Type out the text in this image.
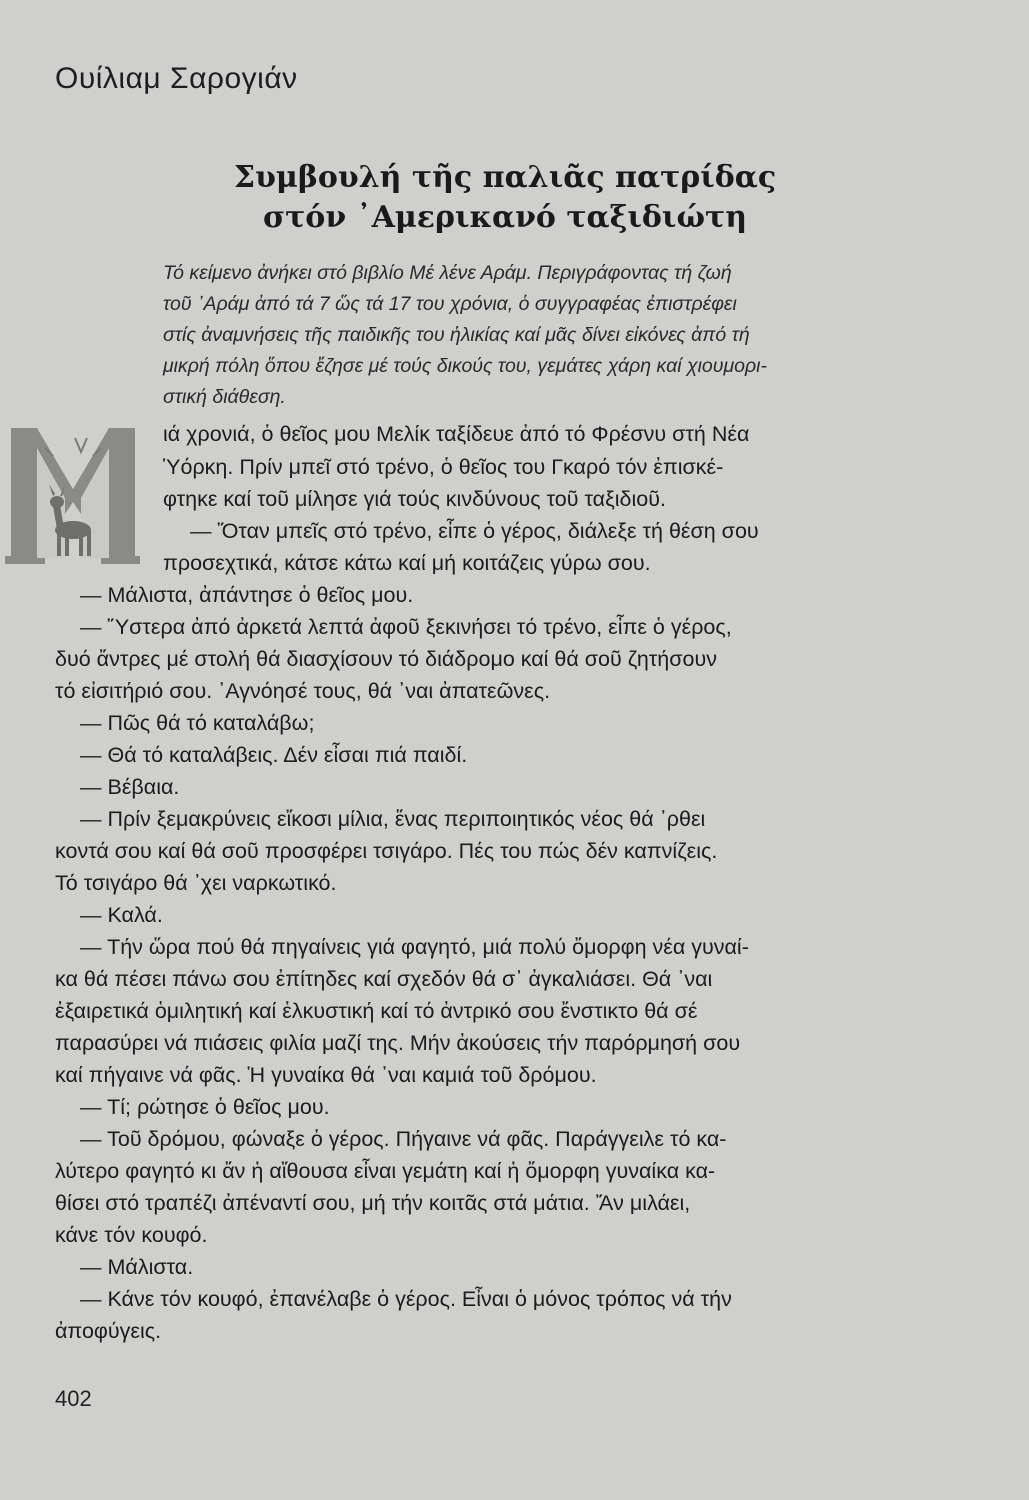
Ουίλιαμ Σαρογιάν
Συμβουλή τῆς παλιᾶς πατρίδας
στόν ᾿Αμερικανό ταξιδιώτη
Τό κείμενο ἀνήκει στό βιβλίο Μέ λένε Αράμ. Περιγράφοντας τή ζωή
τοῦ ᾿Αράμ ἀπό τά 7 ὥς τά 17 του χρόνια, ὁ συγγραφέας ἐπιστρέφει
στίς ἀναμνήσεις τῆς παιδικῆς του ἡλικίας καί μᾶς δίνει εἰκόνες ἀπό τή
μικρή πόλη ὅπου ἔζησε μέ τούς δικούς του, γεμάτες χάρη καί χιουμορι-
στική διάθεση.
ιά χρονιά, ὁ θεῖος μου Μελίκ ταξίδευε ἀπό τό Φρέσνυ στή Νέα
Ὑόρκη. Πρίν μπεῖ στό τρένο, ὁ θεῖος του Γκαρό τόν ἐπισκέ-
φτηκε καί τοῦ μίλησε γιά τούς κινδύνους τοῦ ταξιδιοῦ.
— Ὅταν μπεῖς στό τρένο, εἶπε ὁ γέρος, διάλεξε τή θέση σου
προσεχτικά, κάτσε κάτω καί μή κοιτάζεις γύρω σου.
— Μάλιστα, ἀπάντησε ὁ θεῖος μου.
— Ὕστερα ἀπό ἀρκετά λεπτά ἀφοῦ ξεκινήσει τό τρένο, εἶπε ὁ γέρος,
δυό ἄντρες μέ στολή θά διασχίσουν τό διάδρομο καί θά σοῦ ζητήσουν
τό εἰσιτήριό σου. ᾿Αγνόησέ τους, θά ᾿ναι ἀπατεῶνες.
— Πῶς θά τό καταλάβω;
— Θά τό καταλάβεις. Δέν εἶσαι πιά παιδί.
— Βέβαια.
— Πρίν ξεμακρύνεις εἴκοσι μίλια, ἕνας περιποιητικός νέος θά ᾿ρθει
κοντά σου καί θά σοῦ προσφέρει τσιγάρο. Πές του πώς δέν καπνίζεις.
Τό τσιγάρο θά ᾿χει ναρκωτικό.
— Καλά.
— Τήν ὥρα πού θά πηγαίνεις γιά φαγητό, μιά πολύ ὄμορφη νέα γυναί-
κα θά πέσει πάνω σου ἐπίτηδες καί σχεδόν θά σ᾿ ἀγκαλιάσει. Θά ᾿ναι
ἐξαιρετικά ὁμιλητική καί ἑλκυστική καί τό ἀντρικό σου ἔνστικτο θά σέ
παρασύρει νά πιάσεις φιλία μαζί της. Μήν ἀκούσεις τήν παρόρμησή σου
καί πήγαινε νά φᾶς. Ἡ γυναίκα θά ᾿ναι καμιά τοῦ δρόμου.
— Τί; ρώτησε ὁ θεῖος μου.
— Τοῦ δρόμου, φώναξε ὁ γέρος. Πήγαινε νά φᾶς. Παράγγειλε τό κα-
λύτερο φαγητό κι ἄν ἡ αἴθουσα εἶναι γεμάτη καί ἡ ὄμορφη γυναίκα κα-
θίσει στό τραπέζι ἀπέναντί σου, μή τήν κοιτᾶς στά μάτια. Ἄν μιλάει,
κάνε τόν κουφό.
— Μάλιστα.
— Κάνε τόν κουφό, ἐπανέλαβε ὁ γέρος. Εἶναι ὁ μόνος τρόπος νά τήν
ἀποφύγεις.
402
